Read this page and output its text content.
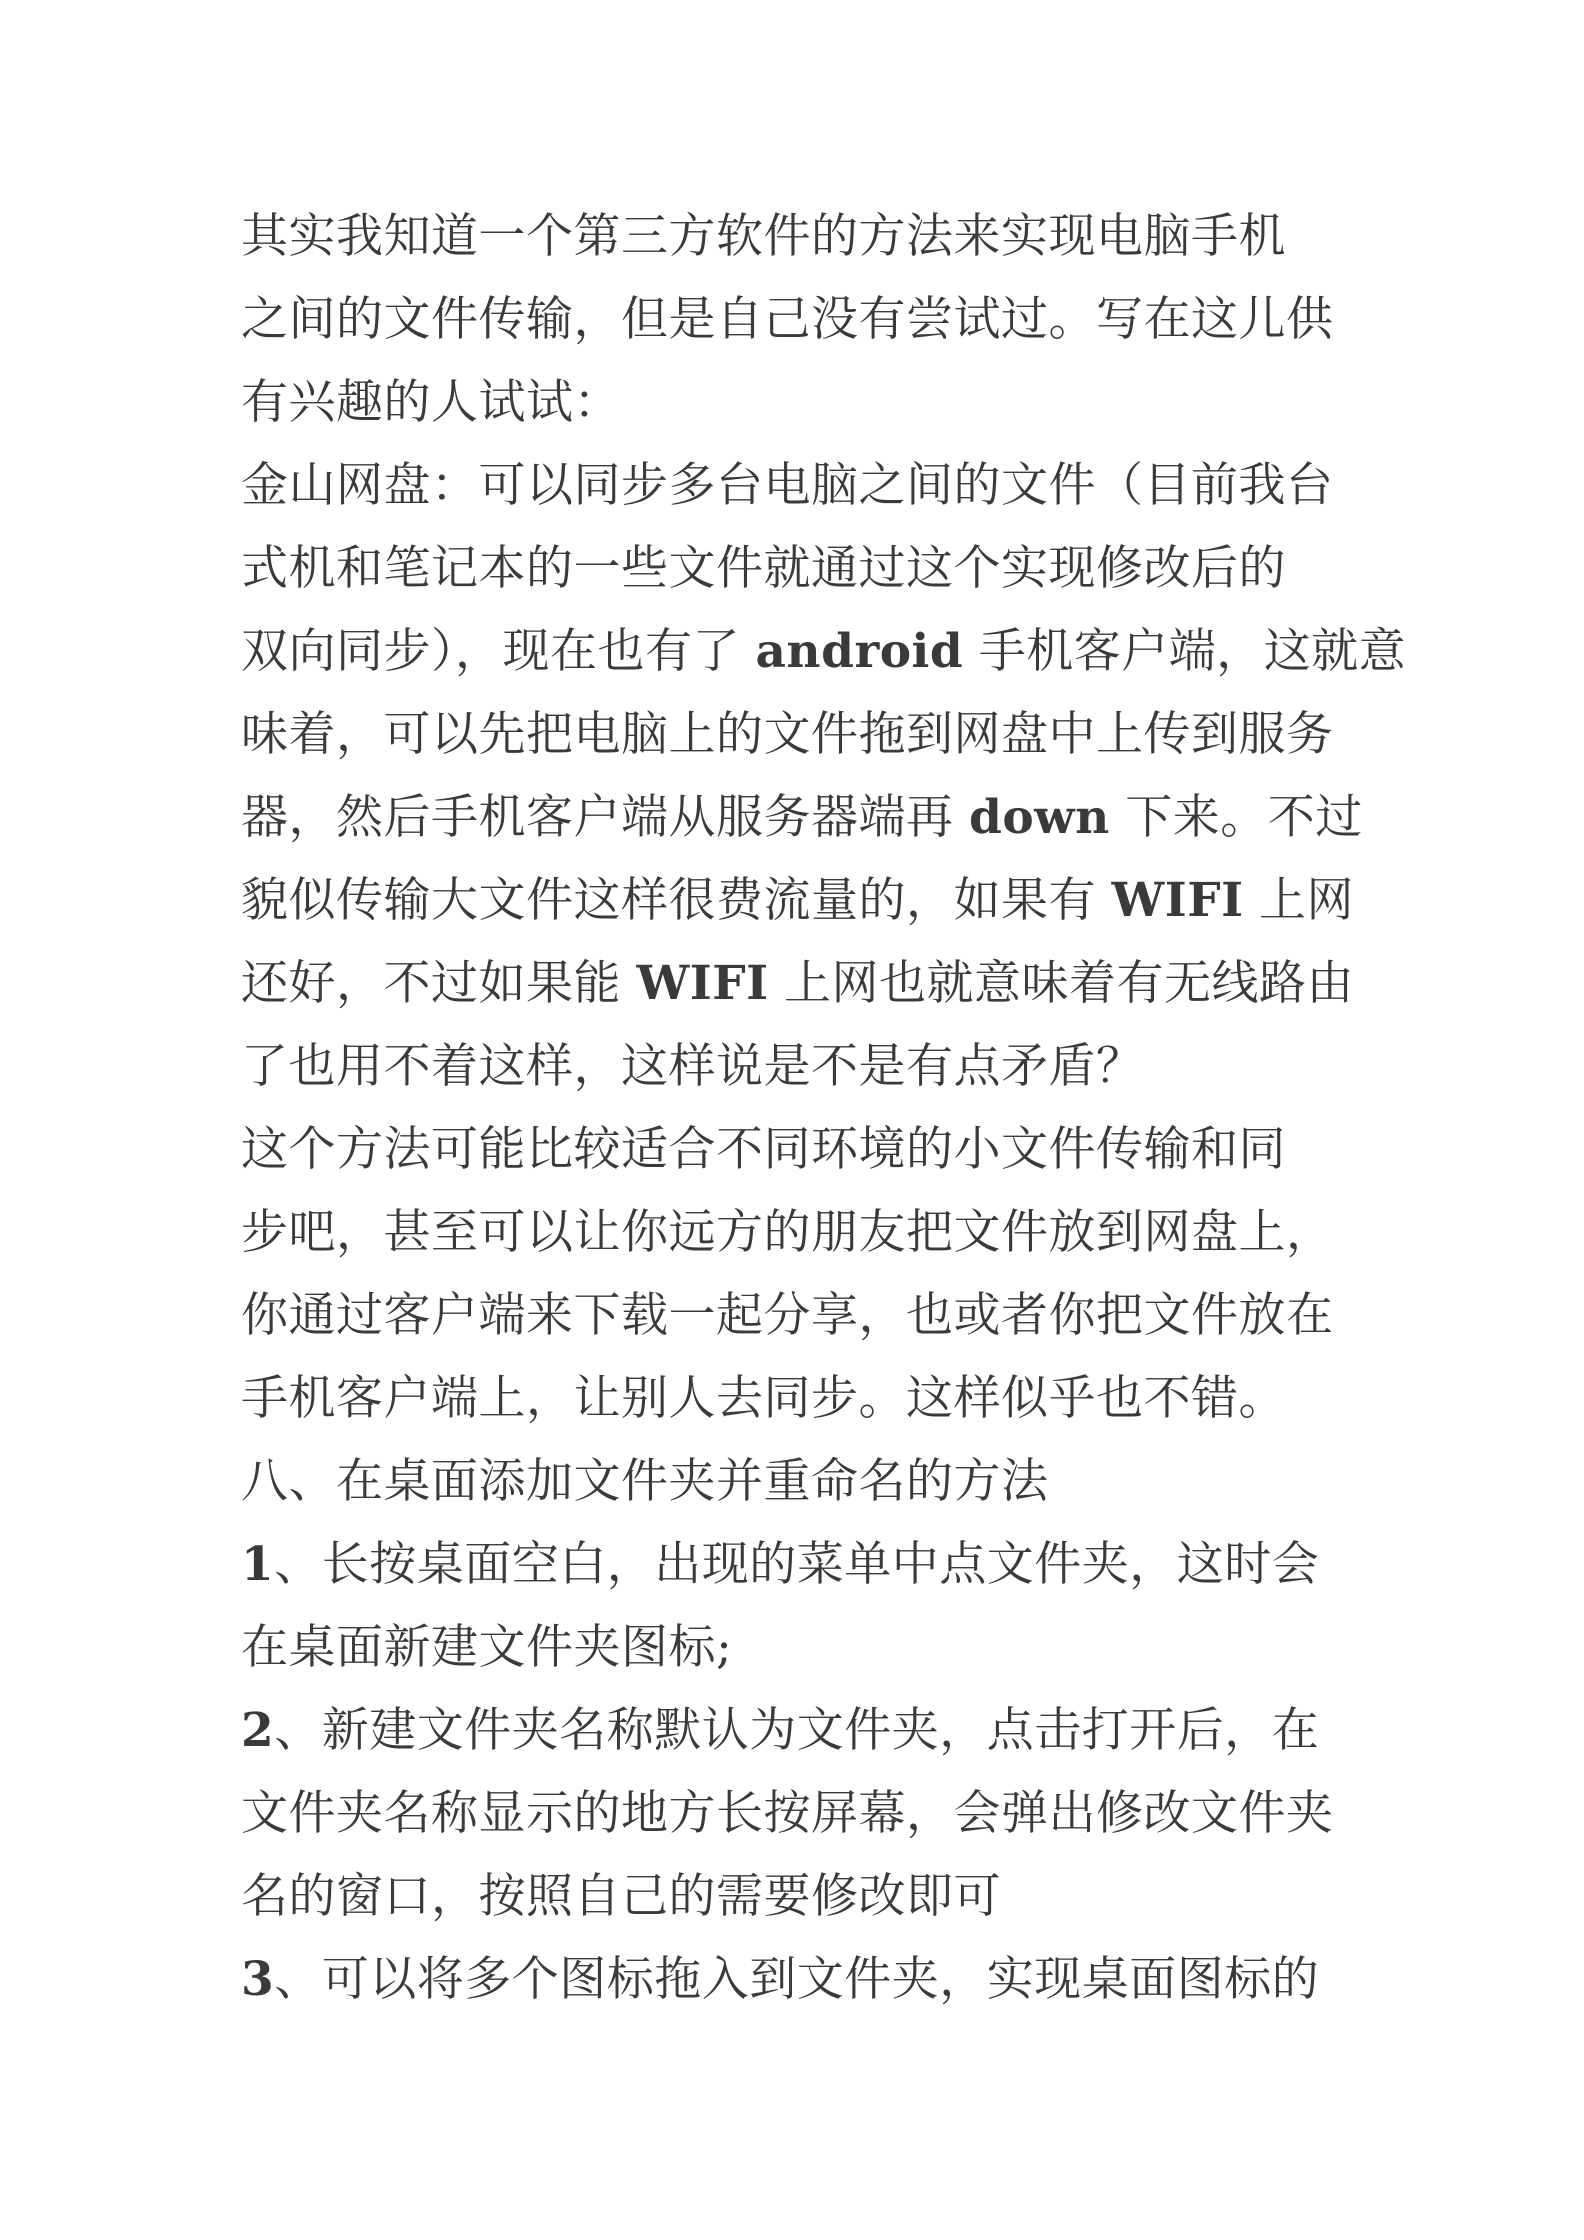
其实我知道一个第三方软件的方法来实现电脑手机
之间的文件传输，但是自己没有尝试过。写在这儿供
有兴趣的人试试：
金山网盘：可以同步多台电脑之间的文件（目前我台
式机和笔记本的一些文件就通过这个实现修改后的
双向同步），现在也有了 android 手机客户端，这就意
味着，可以先把电脑上的文件拖到网盘中上传到服务
器，然后手机客户端从服务器端再 down 下来。不过
貌似传输大文件这样很费流量的，如果有 WIFI 上网
还好，不过如果能 WIFI 上网也就意味着有无线路由
了也用不着这样，这样说是不是有点矛盾？
这个方法可能比较适合不同环境的小文件传输和同
步吧，甚至可以让你远方的朋友把文件放到网盘上，
你通过客户端来下载一起分享，也或者你把文件放在
手机客户端上，让别人去同步。这样似乎也不错。
八、在桌面添加文件夹并重命名的方法
1、长按桌面空白，出现的菜单中点文件夹，这时会
在桌面新建文件夹图标;
2、新建文件夹名称默认为文件夹，点击打开后，在
文件夹名称显示的地方长按屏幕，会弹出修改文件夹
名的窗口，按照自己的需要修改即可
3、可以将多个图标拖入到文件夹，实现桌面图标的
